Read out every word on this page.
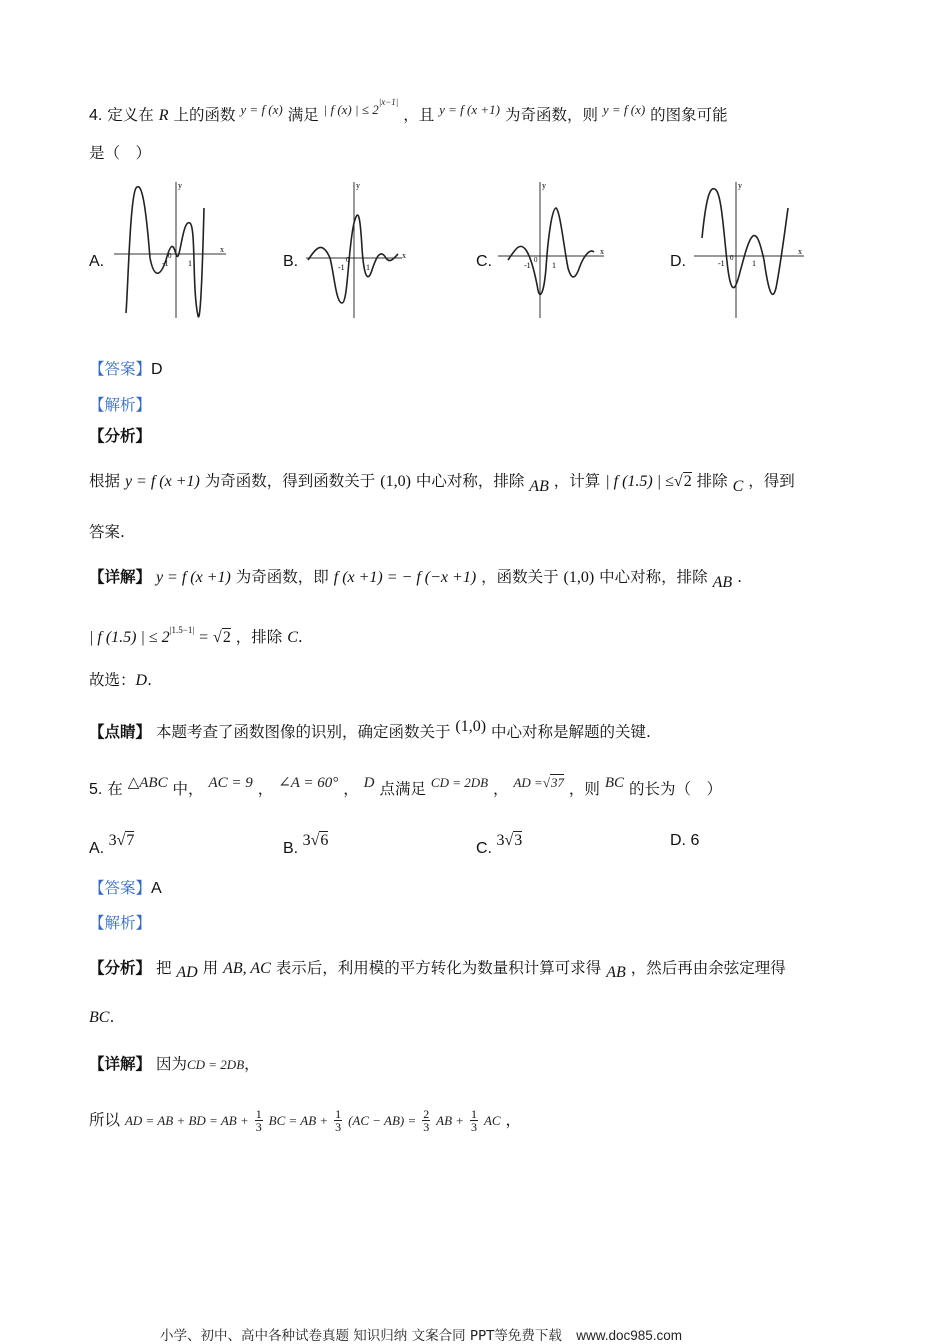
4. 定义在 R 上的函数 $^{y = f (x)}$ 满足 $^{| f (x) | \le 2^{|x-1|}}$ ，且 $^{y = f (x +1)}$ 为奇函数，则 $^{y = f (x)}$ 的图象可能
是（　）
A.	B.	C.	D.
-1
0
1
x
y
-1
0
1
x
y
-1
0
1
x
y
-1
0
1
x
y
【答案】D
【解析】
【分析】
根据 y = f (x +1) 为奇函数，得到函数关于 (1,0) 中心对称，排除 AB ，计算 | f (1.5) | ≤√2 排除 C ，得到
答案.
【详解】 y = f (x +1) 为奇函数，即 f (x +1) = − f (−x +1) ，函数关于 (1,0) 中心对称，排除 AB .
| f (1.5) | ≤ $2^{|1.5-1|} = √2$ ，排除 C.
故选：D.
【点睛】 本题考查了函数图像的识别，确定函数关于 (1,0) 中心对称是解题的关键.
5. 在 △ABC 中， AC = 9 ， ∠A = 60° ， D 点满足 $^{CD = 2DB}$ ， $^{AD =√37}$ ，则 BC 的长为（　）
A. 3√7	B. 3√6	C. 3√3	D. 6
【答案】A
【解析】
【分析】 把 AD 用 AB, AC 表示后，利用模的平方转化为数量积计算可求得 AB ，然后再由余弦定理得
BC.
【详解】 因为CD = 2DB，
所以 AD = AB + BD = AB + $\frac{1}{3}$ BC = AB + $\frac{1}{3} (AC - AB) = \frac{2}{3}$ AB + $\frac{1}{3}$ AC ，
小学、初中、高中各种试卷真题 知识归纳 文案合同 PPT等免费下载 www.doc985.com
